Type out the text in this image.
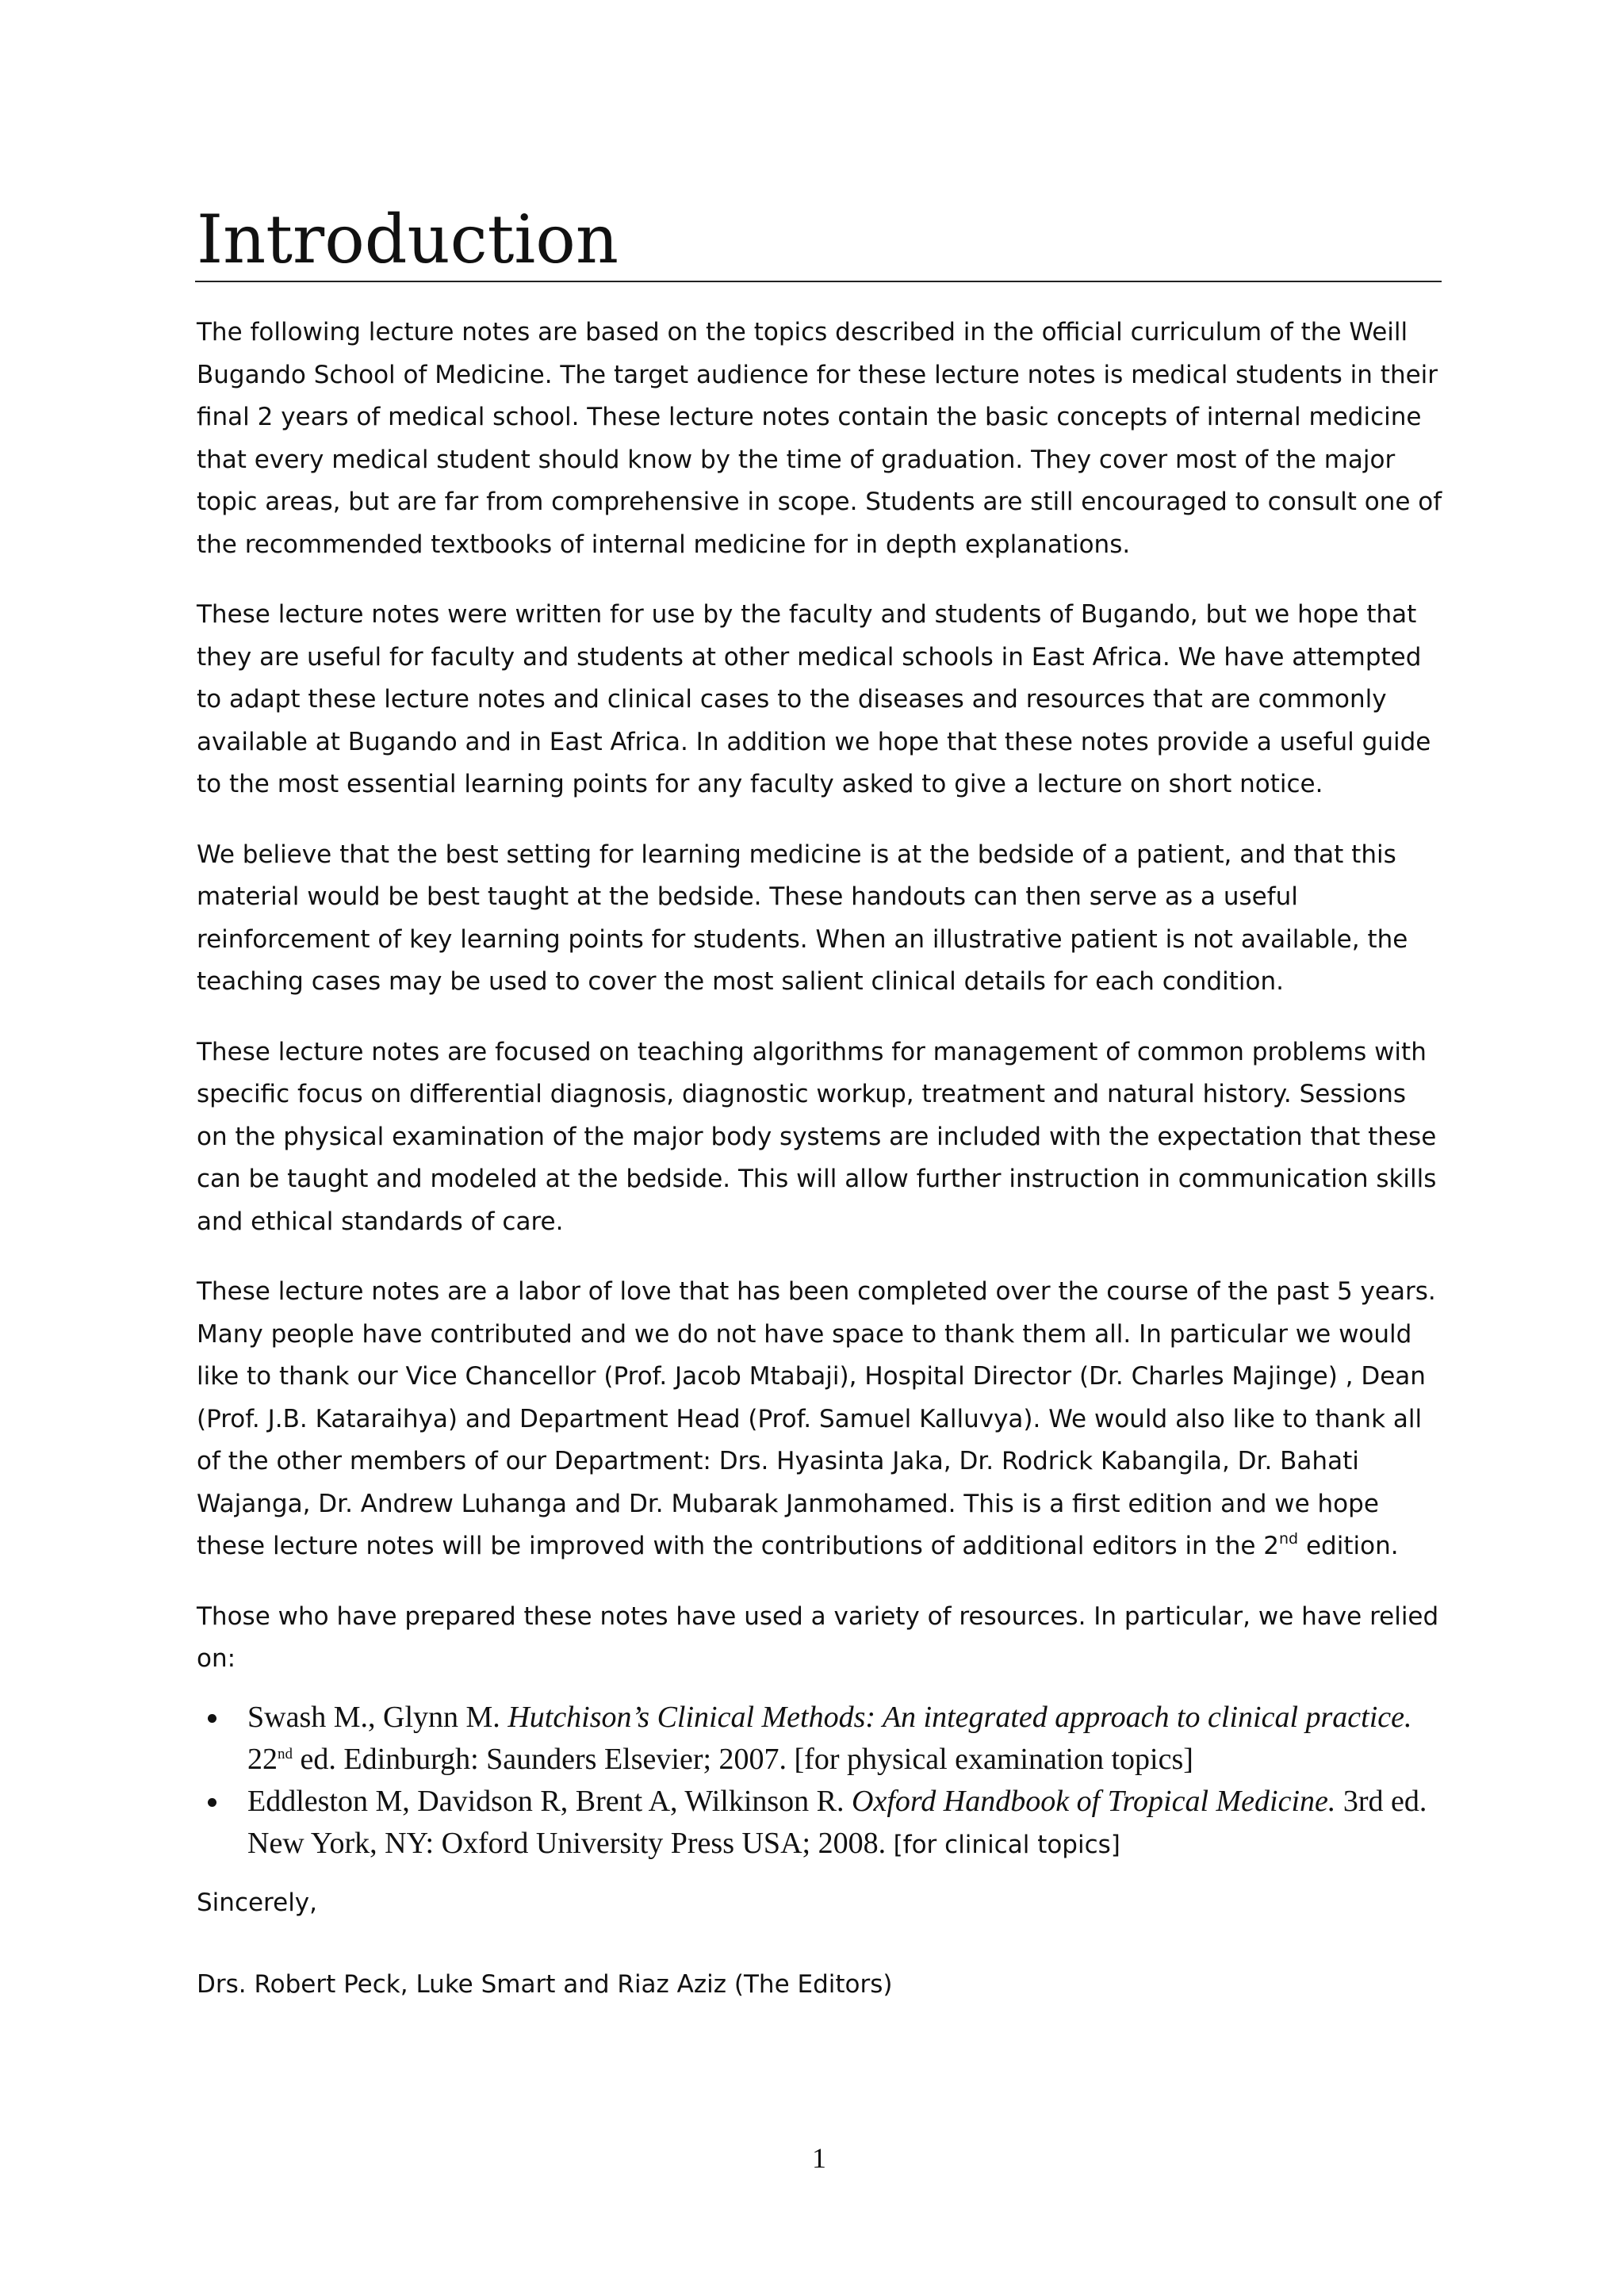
Introduction

The following lecture notes are based on the topics described in the official curriculum of the Weill
Bugando School of Medicine. The target audience for these lecture notes is medical students in their
final 2 years of medical school. These lecture notes contain the basic concepts of internal medicine
that every medical student should know by the time of graduation. They cover most of the major
topic areas, but are far from comprehensive in scope. Students are still encouraged to consult one of
the recommended textbooks of internal medicine for in depth explanations.

These lecture notes were written for use by the faculty and students of Bugando, but we hope that
they are useful for faculty and students at other medical schools in East Africa. We have attempted
to adapt these lecture notes and clinical cases to the diseases and resources that are commonly
available at Bugando and in East Africa. In addition we hope that these notes provide a useful guide
to the most essential learning points for any faculty asked to give a lecture on short notice.

We believe that the best setting for learning medicine is at the bedside of a patient, and that this
material would be best taught at the bedside. These handouts can then serve as a useful
reinforcement of key learning points for students. When an illustrative patient is not available, the
teaching cases may be used to cover the most salient clinical details for each condition.

These lecture notes are focused on teaching algorithms for management of common problems with
specific focus on differential diagnosis, diagnostic workup, treatment and natural history. Sessions
on the physical examination of the major body systems are included with the expectation that these
can be taught and modeled at the bedside. This will allow further instruction in communication skills
and ethical standards of care.

These lecture notes are a labor of love that has been completed over the course of the past 5 years.
Many people have contributed and we do not have space to thank them all. In particular we would
like to thank our Vice Chancellor (Prof. Jacob Mtabaji), Hospital Director (Dr. Charles Majinge) , Dean
(Prof. J.B. Kataraihya) and Department Head (Prof. Samuel Kalluvya). We would also like to thank all
of the other members of our Department: Drs. Hyasinta Jaka, Dr. Rodrick Kabangila, Dr. Bahati
Wajanga, Dr. Andrew Luhanga and Dr. Mubarak Janmohamed. This is a first edition and we hope
these lecture notes will be improved with the contributions of additional editors in the 2nd edition.

Those who have prepared these notes have used a variety of resources. In particular, we have relied
on:

Swash M., Glynn M. Hutchison’s Clinical Methods: An integrated approach to clinical practice.
22nd ed. Edinburgh: Saunders Elsevier; 2007. [for physical examination topics]
Eddleston M, Davidson R, Brent A, Wilkinson R. Oxford Handbook of Tropical Medicine. 3rd ed.
New York, NY: Oxford University Press USA; 2008. [for clinical topics]

Sincerely,

Drs. Robert Peck, Luke Smart and Riaz Aziz (The Editors)

1
